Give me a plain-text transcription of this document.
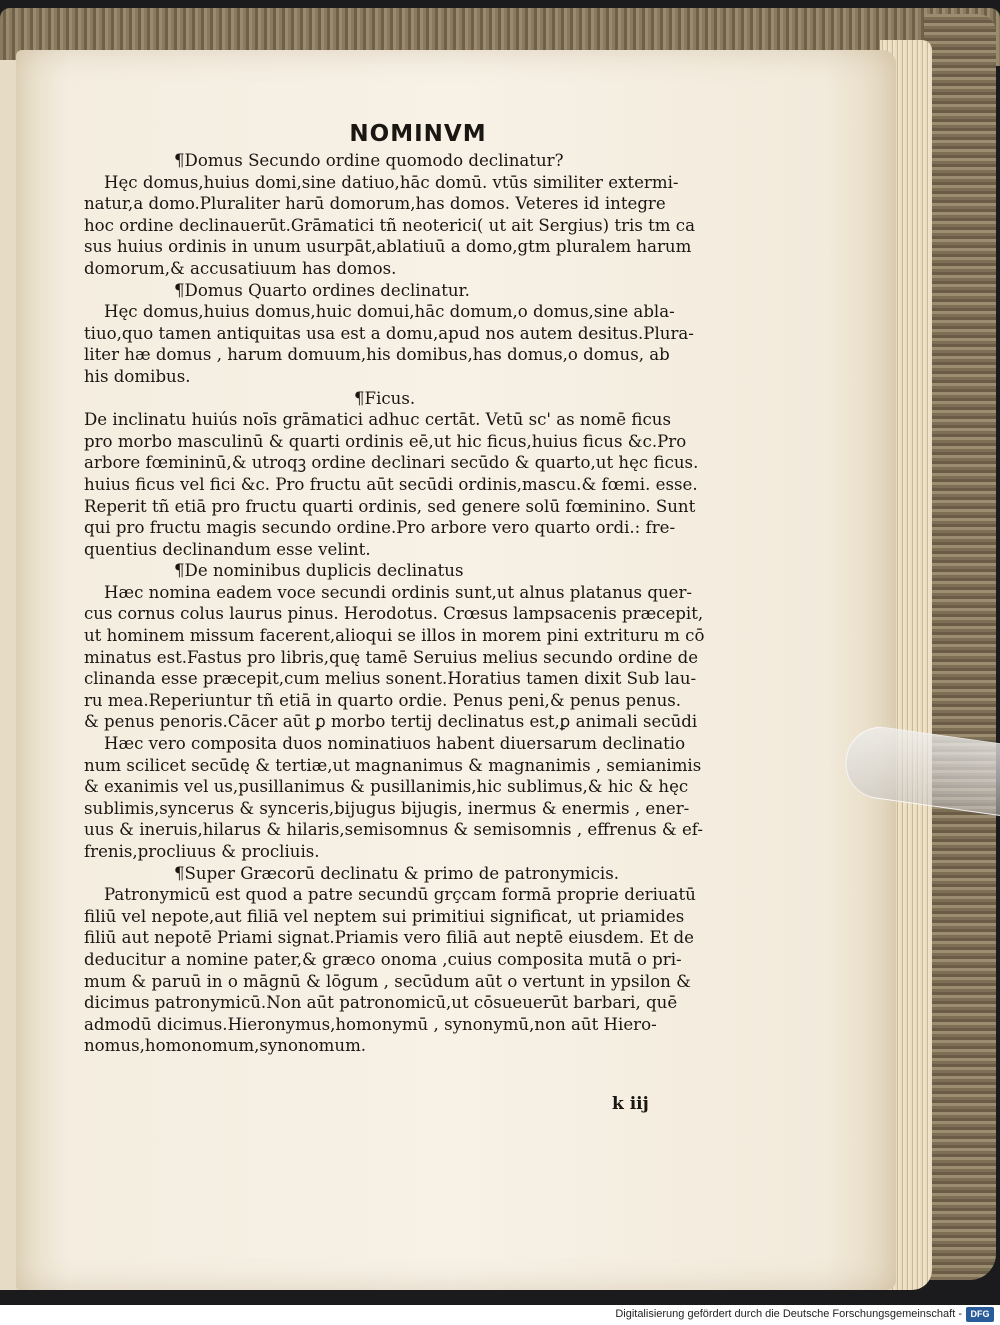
NOMINVM
¶Domus Secundo ordine quomodo declinatur?
Hęc domus,huius domi,sine datiuo,hāc domū. vtūs similiter extermi-
natur,a domo.Pluraliter harū domorum,has domos. Veteres id integre
hoc ordine declinauerūt.Grāmatici tñ neoterici( ut ait Sergius) tris tm ca
sus huius ordinis in unum usurpāt,ablatiuū a domo,gtm pluralem harum
domorum,& accusatiuum has domos.
¶Domus Quarto ordines declinatur.
Hęc domus,huius domus,huic domui,hāc domum,o domus,sine abla-
tiuo,quo tamen antiquitas usa est a domu,apud nos autem desitus.Plura-
liter hæ domus , harum domuum,his domibus,has domus,o domus, ab
his domibus.
¶Ficus.
De inclinatu huiús noīs grāmatici adhuc certāt. Vetū sc' as nomē ficus
pro morbo masculinū & quarti ordinis eē,ut hic ficus,huius ficus &c.Pro
arbore fœmininū,& utroqꝫ ordine declinari secūdo & quarto,ut hęc ficus.
huius ficus vel fici &c. Pro fructu aūt secūdi ordinis,mascu.& fœmi. esse.
Reperit tñ etiā pro fructu quarti ordinis, sed genere solū fœminino. Sunt
qui pro fructu magis secundo ordine.Pro arbore vero quarto ordi.: fre-
quentius declinandum esse velint.
¶De nominibus duplicis declinatus
Hæc nomina eadem voce secundi ordinis sunt,ut alnus platanus quer-
cus cornus colus laurus pinus. Herodotus. Crœsus lampsacenis præcepit,
ut hominem missum facerent,alioqui se illos in morem pini extrituru m cō
minatus est.Fastus pro libris,quę tamē Seruius melius secundo ordine de
clinanda esse præcepit,cum melius sonent.Horatius tamen dixit Sub lau-
ru mea.Reperiuntur tñ etiā in quarto ordie. Penus peni,& penus penus.
& penus penoris.Cācer aūt ꝑ morbo tertij declinatus est,ꝑ animali secūdi
Hæc vero composita duos nominatiuos habent diuersarum declinatio
num scilicet secūdę & tertiæ,ut magnanimus & magnanimis , semianimis
& exanimis vel us,pusillanimus & pusillanimis,hic sublimus,& hic & hęc
sublimis,syncerus & syncеris,bijugus bijugis, inermus & enermis , ener-
uus & ineruis,hilarus & hilaris,semisomnus & semisomnis , effrenus & ef-
frenis,procliuus & procliuis.
¶Super Græcorū declinatu & primo de patronymicis.
Patronymicū est quod a patre secundū grçcam formā proprie deriuatū
filiū vel nepote,aut filiā vel neptem sui primitiui significat, ut priamides
filiū aut nepotē Priami signat.Priamis vero filiā aut neptē eiusdem. Et de
deducitur a nomine pater,& græco onoma ,cuius composita mutā o pri-
mum & paruū in o māgnū & lōgum , secūdum aūt o vertunt in ypsilon &
dicimus patronymicū.Non aūt patronomicū,ut cōsueuerūt barbari, quē
admodū dicimus.Hieronymus,homonymū , synonymū,non aūt Hiero-
nomus,homonomum,synonomum.
k iij
Digitalisierung gefördert durch die Deutsche Forschungsgemeinschaft - DFG
